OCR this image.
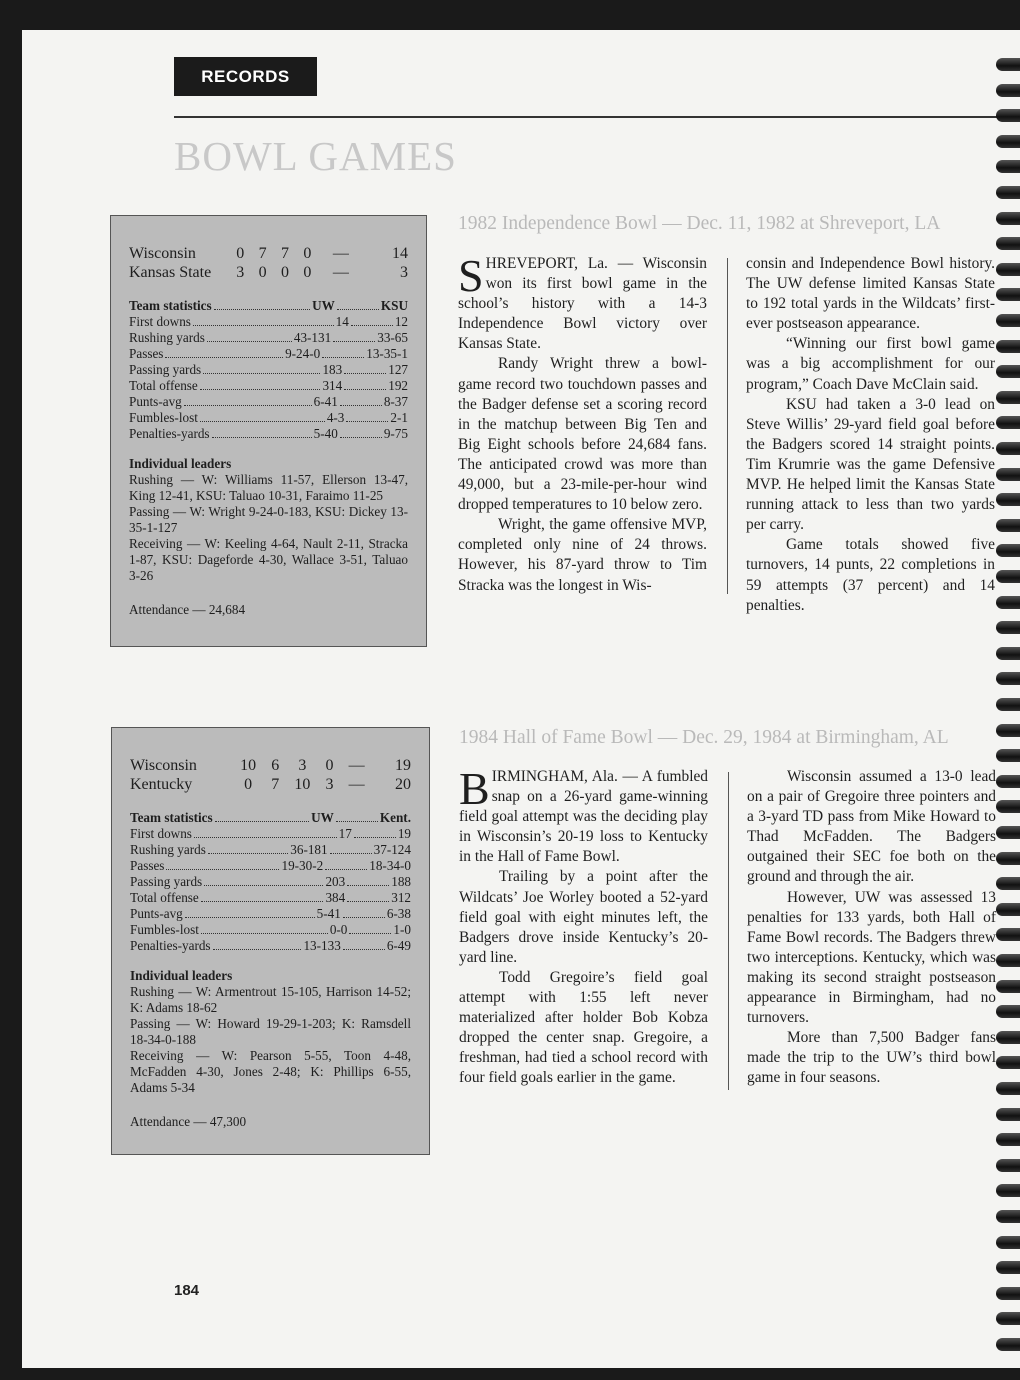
RECORDS
BOWL GAMES
Wisconsin	0	7	7	0	—	14
Kansas State	3	0	0	0	—	3
Team statistics	UW	KSU
First downs	14	12
Rushing yards	43-131	33-65
Passes	9-24-0	13-35-1
Passing yards	183	127
Total offense	314	192
Punts-avg	6-41	8-37
Fumbles-lost	4-3	2-1
Penalties-yards	5-40	9-75
Individual leaders
Rushing — W: Williams 11-57, Ellerson 13-47, King 12-41, KSU: Taluao 10-31, Faraimo 11-25
Passing — W: Wright 9-24-0-183, KSU: Dickey 13-35-1-127
Receiving — W: Keeling 4-64, Nault 2-11, Stracka 1-87, KSU: Dageforde 4-30, Wallace 3-51, Taluao 3-26
Attendance — 24,684
1982 Independence Bowl — Dec. 11, 1982 at Shreveport, LA

SHREVEPORT, La. — Wisconsin won its first bowl game in the school’s history with a 14-3 Independence Bowl victory over Kansas State.

Randy Wright threw a bowl-game record two touchdown passes and the Badger defense set a scoring record in the matchup between Big Ten and Big Eight schools before 24,684 fans. The anticipated crowd was more than 49,000, but a 23-mile-per-hour wind dropped temperatures to 10 below zero.

Wright, the game offensive MVP, completed only nine of 24 throws. However, his 87-yard throw to Tim Stracka was the longest in Wis-

consin and Independence Bowl history. The UW defense limited Kansas State to 192 total yards in the Wildcats’ first-ever postseason appearance.

“Winning our first bowl game was a big accomplishment for our program,” Coach Dave McClain said.

KSU had taken a 3-0 lead on Steve Willis’ 29-yard field goal before the Badgers scored 14 straight points. Tim Krumrie was the game Defensive MVP. He helped limit the Kansas State running attack to less than two yards per carry.

Game totals showed five turnovers, 14 punts, 22 completions in 59 attempts (37 percent) and 14 penalties.

Wisconsin	10	6	3	0	—	19
Kentucky	0	7	10	3	—	20
Team statistics	UW	Kent.
First downs	17	19
Rushing yards	36-181	37-124
Passes	19-30-2	18-34-0
Passing yards	203	188
Total offense	384	312
Punts-avg	5-41	6-38
Fumbles-lost	0-0	1-0
Penalties-yards	13-133	6-49
Individual leaders
Rushing — W: Armentrout 15-105, Harrison 14-52; K: Adams 18-62
Passing — W: Howard 19-29-1-203; K: Ramsdell 18-34-0-188
Receiving — W: Pearson 5-55, Toon 4-48, McFadden 4-30, Jones 2-48; K: Phillips 6-55, Adams 5-34
Attendance — 47,300
1984 Hall of Fame Bowl — Dec. 29, 1984 at Birmingham, AL

BIRMINGHAM, Ala. — A fumbled snap on a 26-yard game-winning field goal attempt was the deciding play in Wisconsin’s 20-19 loss to Kentucky in the Hall of Fame Bowl.

Trailing by a point after the Wildcats’ Joe Worley booted a 52-yard field goal with eight minutes left, the Badgers drove inside Kentucky’s 20-yard line.

Todd Gregoire’s field goal attempt with 1:55 left never materialized after holder Bob Kobza dropped the center snap. Gregoire, a freshman, had tied a school record with four field goals earlier in the game.

Wisconsin assumed a 13-0 lead on a pair of Gregoire three pointers and a 3-yard TD pass from Mike Howard to Thad McFadden. The Badgers outgained their SEC foe both on the ground and through the air.

However, UW was assessed 13 penalties for 133 yards, both Hall of Fame Bowl records. The Badgers threw two interceptions. Kentucky, which was making its second straight postseason appearance in Birmingham, had no turnovers.

More than 7,500 Badger fans made the trip to the UW’s third bowl game in four seasons.

184
